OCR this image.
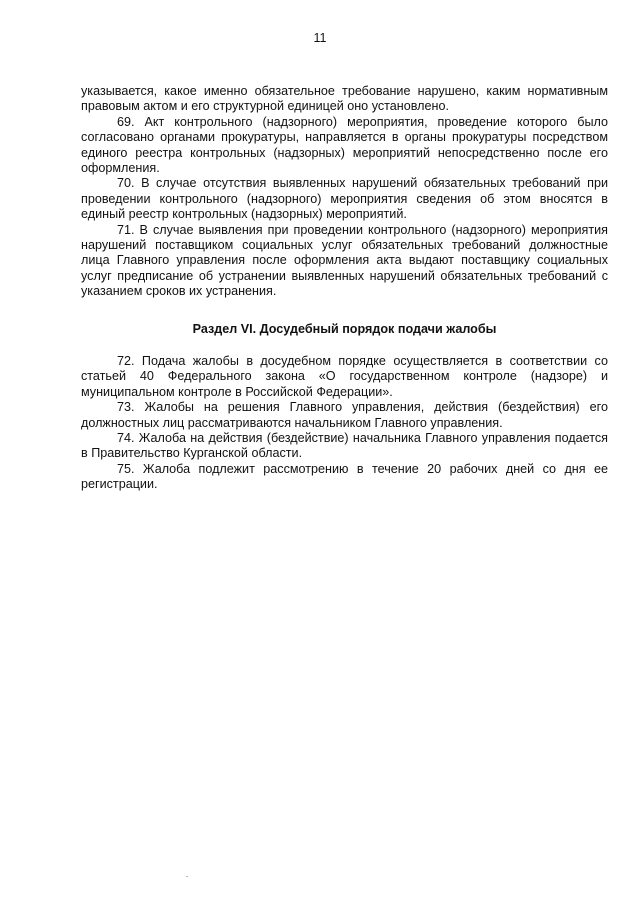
11

указывается, какое именно обязательное требование нарушено, каким нормативным правовым актом и его структурной единицей оно установлено.

69. Акт контрольного (надзорного) мероприятия, проведение которого было согласовано органами прокуратуры, направляется в органы прокуратуры посредством единого реестра контрольных (надзорных) мероприятий непосредственно после его оформления.

70. В случае отсутствия выявленных нарушений обязательных требований при проведении контрольного (надзорного) мероприятия сведения об этом вносятся в единый реестр контрольных (надзорных) мероприятий.

71. В случае выявления при проведении контрольного (надзорного) мероприятия нарушений поставщиком социальных услуг обязательных требований должностные лица Главного управления после оформления акта выдают поставщику социальных услуг предписание об устранении выявленных нарушений обязательных требований с указанием сроков их устранения.

Раздел VI. Досудебный порядок подачи жалобы

72. Подача жалобы в досудебном порядке осуществляется в соответствии со статьей 40 Федерального закона «О государственном контроле (надзоре) и муниципальном контроле в Российской Федерации».

73. Жалобы на решения Главного управления, действия (бездействия) его должностных лиц рассматриваются начальником Главного управления.

74. Жалоба на действия (бездействие) начальника Главного управления подается в Правительство Курганской области.

75. Жалоба подлежит рассмотрению в течение 20 рабочих дней со дня ее регистрации.
